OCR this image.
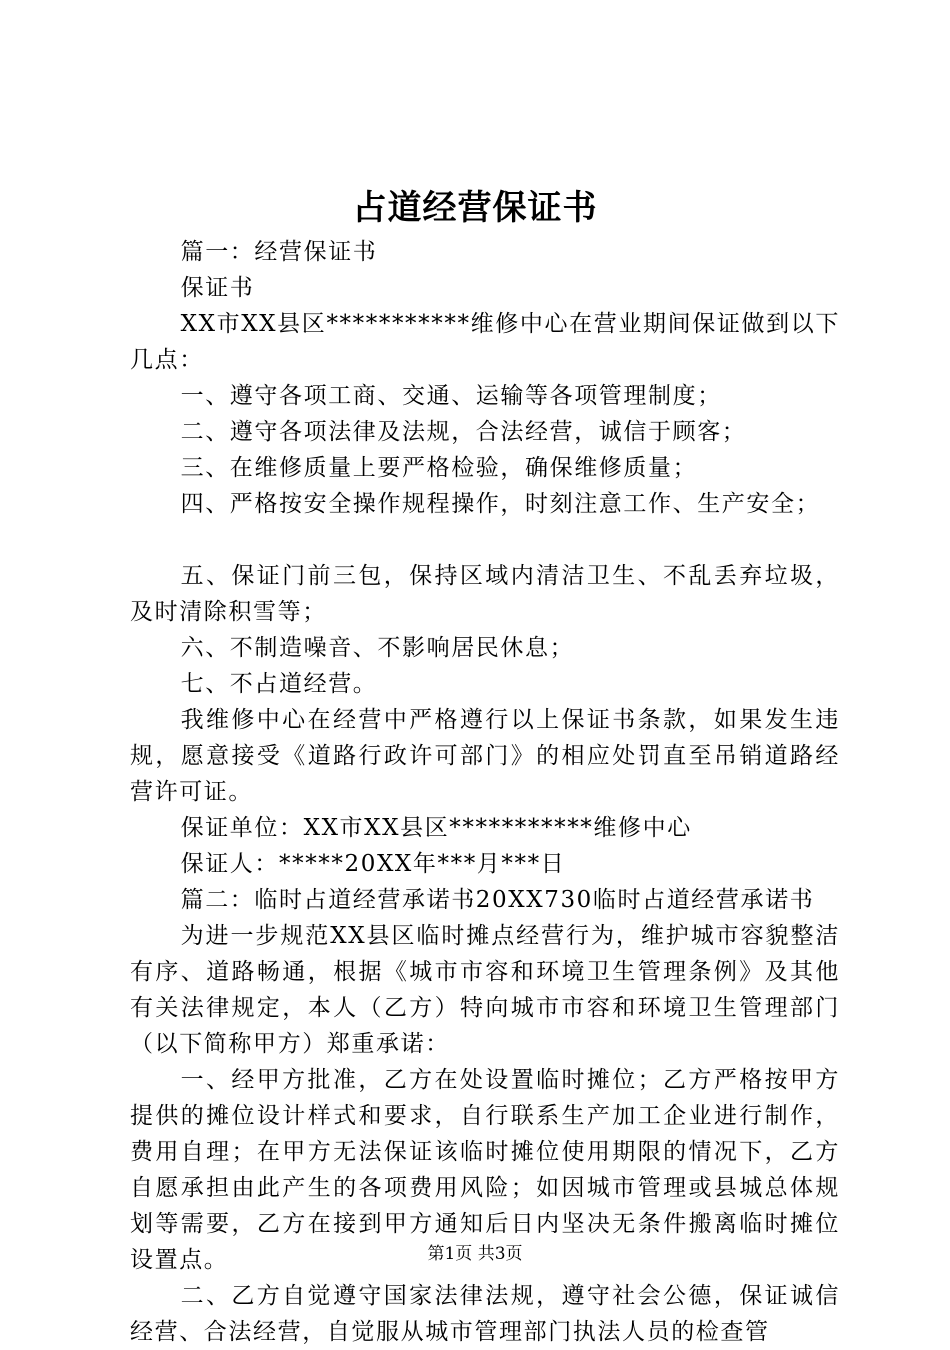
占道经营保证书

篇一：经营保证书

保证书

XX市XX县区***********维修中心在营业期间保证做到以下几点：

一、遵守各项工商、交通、运输等各项管理制度；

二、遵守各项法律及法规，合法经营，诚信于顾客；

三、在维修质量上要严格检验，确保维修质量；

四、严格按安全操作规程操作，时刻注意工作、生产安全；

五、保证门前三包，保持区域内清洁卫生、不乱丢弃垃圾，及时清除积雪等；

六、不制造噪音、不影响居民休息；

七、不占道经营。

我维修中心在经营中严格遵行以上保证书条款，如果发生违规，愿意接受《道路行政许可部门》的相应处罚直至吊销道路经营许可证。

保证单位：XX市XX县区***********维修中心

保证人：*****20XX年***月***日

篇二：临时占道经营承诺书20XX730临时占道经营承诺书

为进一步规范XX县区临时摊点经营行为，维护城市容貌整洁有序、道路畅通，根据《城市市容和环境卫生管理条例》及其他有关法律规定，本人（乙方）特向城市市容和环境卫生管理部门（以下简称甲方）郑重承诺：

一、经甲方批准，乙方在处设置临时摊位；乙方严格按甲方提供的摊位设计样式和要求，自行联系生产加工企业进行制作，费用自理；在甲方无法保证该临时摊位使用期限的情况下，乙方自愿承担由此产生的各项费用风险；如因城市管理或县城总体规划等需要，乙方在接到甲方通知后日内坚决无条件搬离临时摊位设置点。

二、乙方自觉遵守国家法律法规，遵守社会公德，保证诚信经营、合法经营，自觉服从城市管理部门执法人员的检查管

第1页 共3页
